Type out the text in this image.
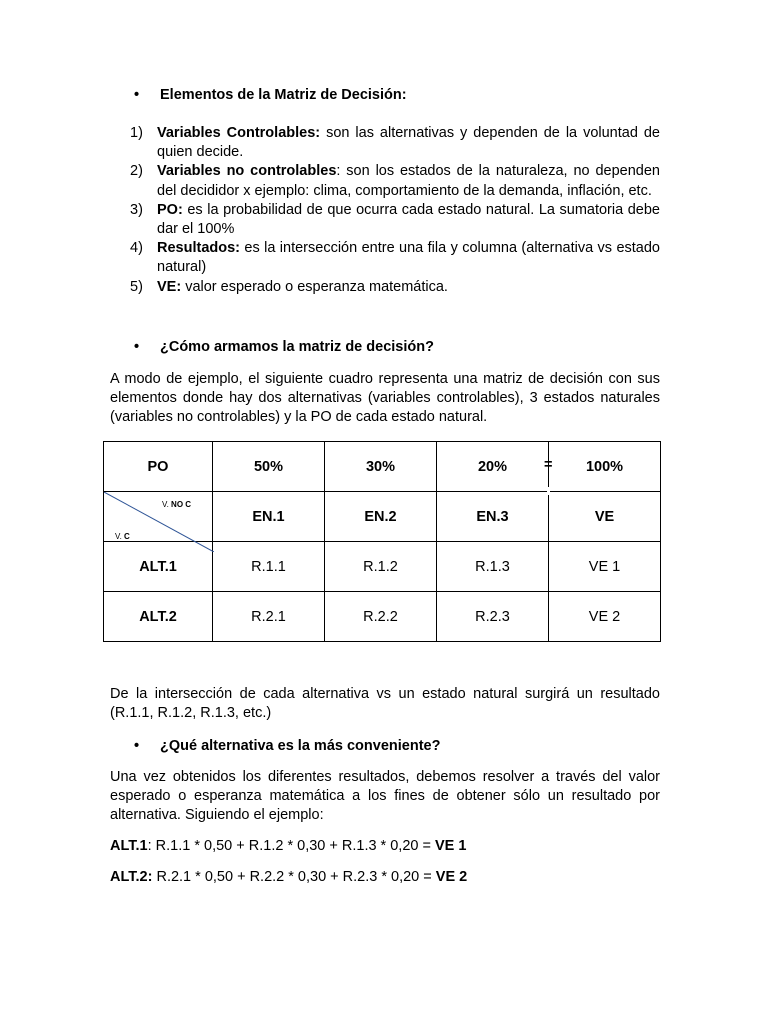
• Elementos de la Matriz de Decisión:
1) Variables Controlables: son las alternativas y dependen de la voluntad de quien decide.
2) Variables no controlables: son los estados de la naturaleza, no dependen del decididor x ejemplo: clima, comportamiento de la demanda, inflación, etc.
3) PO: es la probabilidad de que ocurra cada estado natural. La sumatoria debe dar el 100%
4) Resultados: es la intersección entre una fila y columna (alternativa vs estado natural)
5) VE: valor esperado o esperanza matemática.
• ¿Cómo armamos la matriz de decisión?

A modo de ejemplo, el siguiente cuadro representa una matriz de decisión con sus elementos donde hay dos alternativas (variables controlables), 3 estados naturales (variables no controlables) y la PO de cada estado natural.

PO	50%	30%	20%	100%

V. NO C
V. C	EN.1	EN.2	EN.3	VE
ALT.1	R.1.1	R.1.2	R.1.3	VE 1
ALT.2	R.2.1	R.2.2	R.2.3	VE 2
=

De la intersección de cada alternativa vs un estado natural surgirá un resultado (R.1.1, R.1.2, R.1.3, etc.)

• ¿Qué alternativa es la más conveniente?

Una vez obtenidos los diferentes resultados, debemos resolver a través del valor esperado o esperanza matemática a los fines de obtener sólo un resultado por alternativa. Siguiendo el ejemplo:

ALT.1: R.1.1 * 0,50 + R.1.2 * 0,30 + R.1.3 * 0,20 = VE 1
ALT.2: R.2.1 * 0,50 + R.2.2 * 0,30 + R.2.3 * 0,20 = VE 2
